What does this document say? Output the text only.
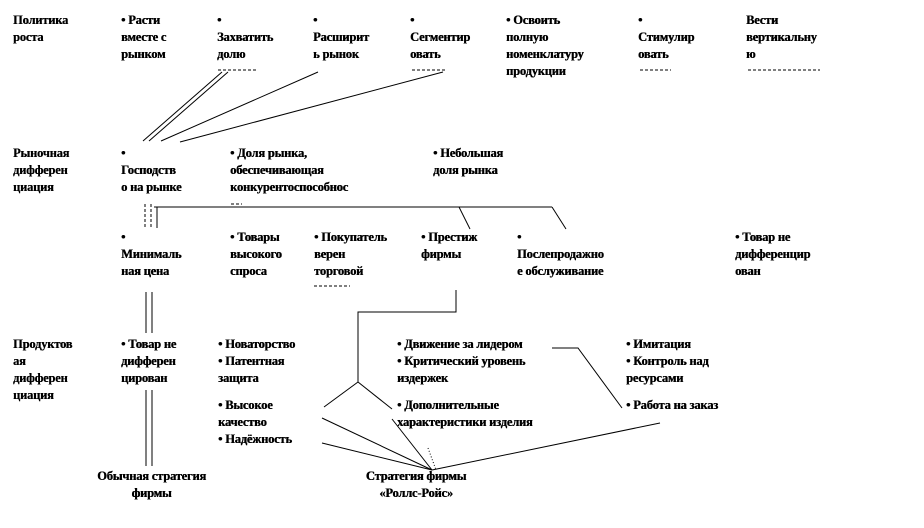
Политика
роста
Рыночная
дифферен
циация
Продуктов
ая
дифферен
циация
• Расти
вместе с
рынком
•
Захватить
долю
•
Расширит
ь рынок
•
Сегментир
овать
• Освоить
полную
номенклатуру
продукции
•
Стимулир
овать
Вести
вертикальну
ю
•
Господств
о на рынке
• Доля рынка,
обеспечивающая
конкурентоспособнос
• Небольшая
доля рынка
•
Минималь
ная цена
• Товары
высокого
спроса
• Покупатель
верен
торговой
• Престиж
фирмы
•
Послепродажно
е обслуживание
• Товар не
дифференцир
ован
• Товар не
дифферен
цирован
• Новаторство
• Патентная
защита
• Высокое
качество
• Надёжность
• Движение за лидером
• Критический уровень
издержек
• Дополнительные
характеристики изделия
• Имитация
• Контроль над
ресурсами
• Работа на заказ
Обычная стратегия
фирмы
Стратегия фирмы
«Роллс-Ройс»
